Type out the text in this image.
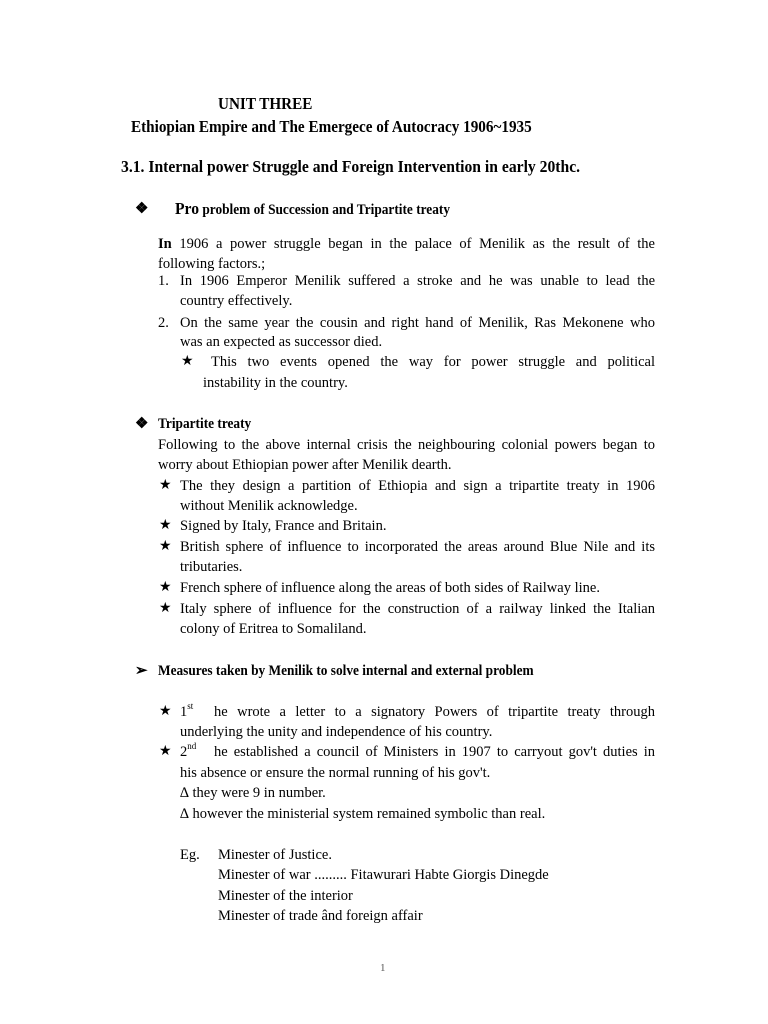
UNIT THREE
Ethiopian Empire and The Emergece of Autocracy 1906~1935
3.1. Internal power Struggle and Foreign Intervention in early 20thc.
❖ Pro problem of Succession and Tripartite treaty
In 1906 a power struggle began in the palace of Menilik as the result of the
following factors.;
1. In 1906 Emperor Menilik suffered a stroke and he was unable to lead the
country effectively.
2. On the same year the cousin and right hand of Menilik, Ras Mekonene who
was an expected as successor died.
★ This two events opened the way for power struggle and political
instability in the country.
❖ Tripartite treaty
Following to the above internal crisis the neighbouring colonial powers began to
worry about Ethiopian power after Menilik dearth.
★ The they design a partition of Ethiopia and sign a tripartite treaty in 1906
without Menilik acknowledge.
★ Signed by Italy, France and Britain.
★ British sphere of influence to incorporated the areas around Blue Nile and its
tributaries.
★ French sphere of influence along the areas of both sides of Railway line.
★ Italy sphere of influence for the construction of a railway linked the Italian
colony of Eritrea to Somaliland.
➢ Measures taken by Menilik to solve internal and external problem
★ 1st he wrote a letter to a signatory Powers of tripartite treaty through
underlying the unity and independence of his country.
★ 2nd he established a council of Ministers in 1907 to carryout gov't duties in
his absence or ensure the normal running of his gov't.
∆ they were 9 in number.
∆ however the ministerial system remained symbolic than real.
Eg. Minester of Justice.
Minester of war ......... Fitawurari Habte Giorgis Dinegde
Minester of the interior
Minester of trade ând foreign affair
1
